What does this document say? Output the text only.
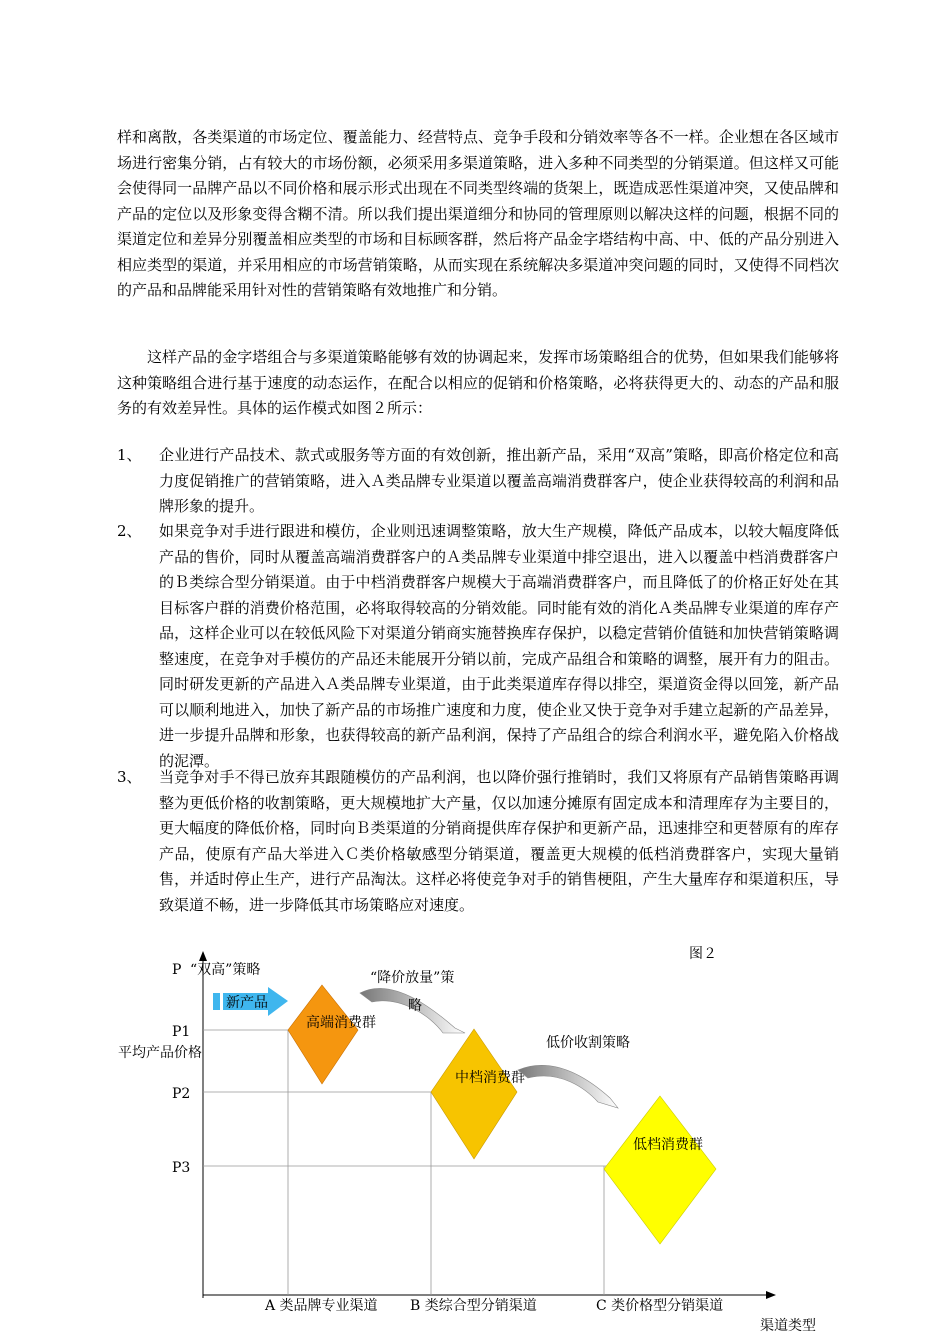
样和离散，各类渠道的市场定位、覆盖能力、经营特点、竞争手段和分销效率等各不一样。企业想在各区域市场进行密集分销，占有较大的市场份额，必须采用多渠道策略，进入多种不同类型的分销渠道。但这样又可能会使得同一品牌产品以不同价格和展示形式出现在不同类型终端的货架上，既造成恶性渠道冲突，又使品牌和产品的定位以及形象变得含糊不清。所以我们提出渠道细分和协同的管理原则以解决这样的问题，根据不同的渠道定位和差异分别覆盖相应类型的市场和目标顾客群，然后将产品金字塔结构中高、中、低的产品分别进入相应类型的渠道，并采用相应的市场营销策略，从而实现在系统解决多渠道冲突问题的同时，又使得不同档次的产品和品牌能采用针对性的营销策略有效地推广和分销。

这样产品的金字塔组合与多渠道策略能够有效的协调起来，发挥市场策略组合的优势，但如果我们能够将这种策略组合进行基于速度的动态运作，在配合以相应的促销和价格策略，必将获得更大的、动态的产品和服务的有效差异性。具体的运作模式如图２所示：

1、	企业进行产品技术、款式或服务等方面的有效创新，推出新产品，采用“双高”策略，即高价格定位和高力度促销推广的营销策略，进入Ａ类品牌专业渠道以覆盖高端消费群客户，使企业获得较高的利润和品牌形象的提升。
2、	如果竞争对手进行跟进和模仿，企业则迅速调整策略，放大生产规模，降低产品成本，以较大幅度降低产品的售价，同时从覆盖高端消费群客户的Ａ类品牌专业渠道中排空退出，进入以覆盖中档消费群客户的Ｂ类综合型分销渠道。由于中档消费群客户规模大于高端消费群客户，而且降低了的价格正好处在其目标客户群的消费价格范围，必将取得较高的分销效能。同时能有效的消化Ａ类品牌专业渠道的库存产品，这样企业可以在较低风险下对渠道分销商实施替换库存保护，以稳定营销价值链和加快营销策略调整速度，在竞争对手模仿的产品还未能展开分销以前，完成产品组合和策略的调整，展开有力的阻击。同时研发更新的产品进入Ａ类品牌专业渠道，由于此类渠道库存得以排空，渠道资金得以回笼，新产品可以顺利地进入，加快了新产品的市场推广速度和力度，使企业又快于竞争对手建立起新的产品差异，进一步提升品牌和形象，也获得较高的新产品利润，保持了产品组合的综合利润水平，避免陷入价格战的泥潭。
3、	当竞争对手不得已放弃其跟随模仿的产品利润，也以降价强行推销时，我们又将原有产品销售策略再调整为更低价格的收割策略，更大规模地扩大产量，仅以加速分摊原有固定成本和清理库存为主要目的，更大幅度的降低价格，同时向Ｂ类渠道的分销商提供库存保护和更新产品，迅速排空和更替原有的库存产品，使原有产品大举进入Ｃ类价格敏感型分销渠道，覆盖更大规模的低档消费群客户，实现大量销售，并适时停止生产，进行产品淘汰。这样必将使竞争对手的销售梗阻，产生大量库存和渠道积压，导致渠道不畅，进一步降低其市场策略应对速度。
图２
P
P1
平均产品价格
P2
P3
高端消费群
中档消费群
低档消费群
“双高”策略
新产品
“降价放量”策
略
低价收割策略
A 类品牌专业渠道 B 类综合型分销渠道	C 类价格型分销渠道
渠道类型
